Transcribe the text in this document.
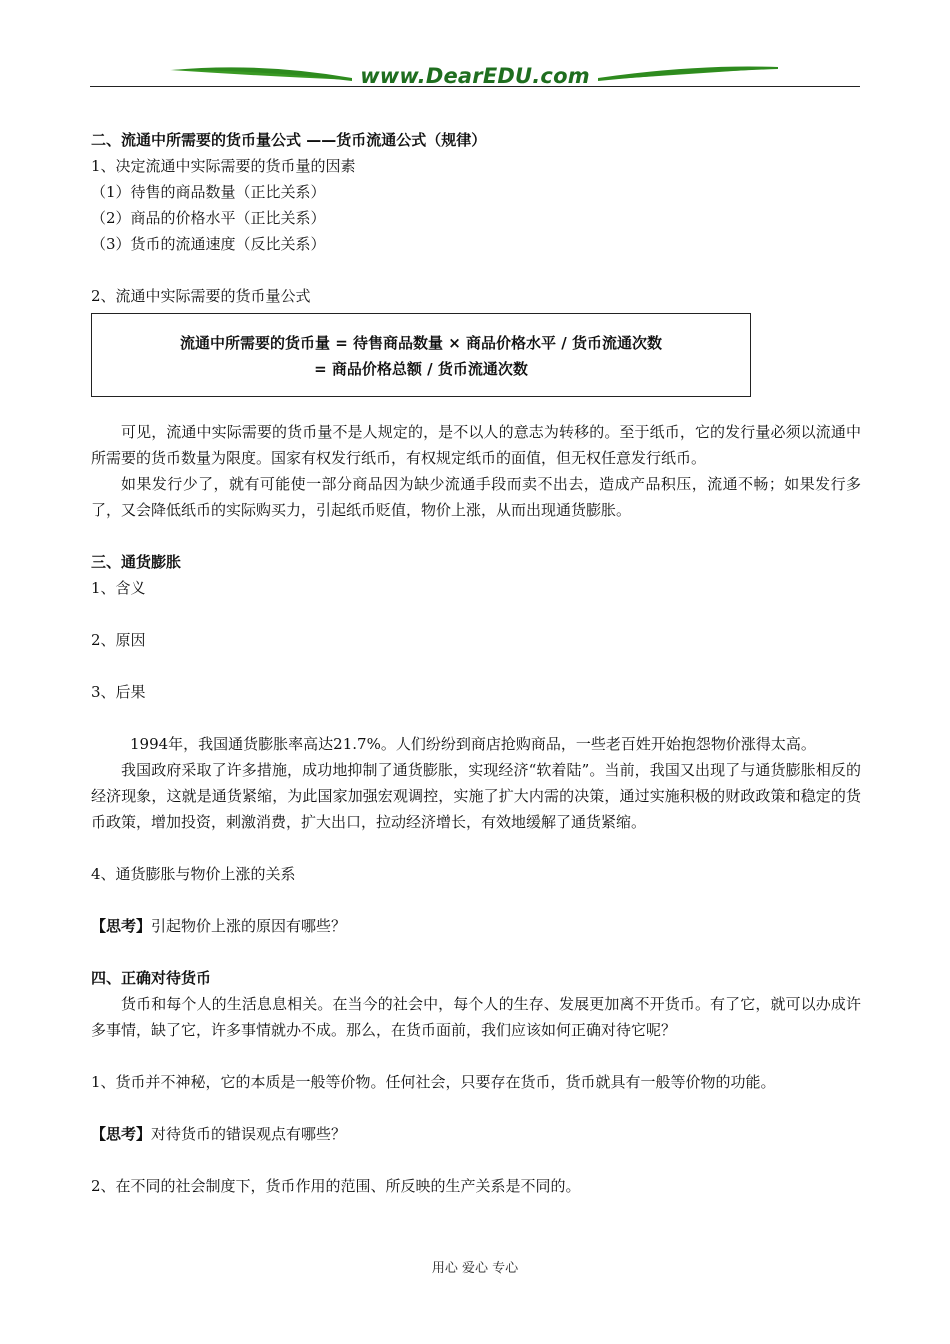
www.DearEDU.com
二、流通中所需要的货币量公式 ——货币流通公式（规律）
1、决定流通中实际需要的货币量的因素
（1）待售的商品数量（正比关系）
（2）商品的价格水平（正比关系）
（3）货币的流通速度（反比关系）
2、流通中实际需要的货币量公式
流通中所需要的货币量 = 待售商品数量 × 商品价格水平 / 货币流通次数
= 商品价格总额 / 货币流通次数

可见，流通中实际需要的货币量不是人规定的，是不以人的意志为转移的。至于纸币，它的发行量必须以流通中所需要的货币数量为限度。国家有权发行纸币，有权规定纸币的面值，但无权任意发行纸币。

如果发行少了，就有可能使一部分商品因为缺少流通手段而卖不出去，造成产品积压，流通不畅；如果发行多了，又会降低纸币的实际购买力，引起纸币贬值，物价上涨，从而出现通货膨胀。

三、通货膨胀
1、含义
2、原因
3、后果

1994年，我国通货膨胀率高达21.7%。人们纷纷到商店抢购商品，一些老百姓开始抱怨物价涨得太高。

我国政府采取了许多措施，成功地抑制了通货膨胀，实现经济“软着陆”。当前，我国又出现了与通货膨胀相反的经济现象，这就是通货紧缩，为此国家加强宏观调控，实施了扩大内需的决策，通过实施积极的财政政策和稳定的货币政策，增加投资，刺激消费，扩大出口，拉动经济增长，有效地缓解了通货紧缩。

4、通货膨胀与物价上涨的关系
【思考】引起物价上涨的原因有哪些？
四、正确对待货币

货币和每个人的生活息息相关。在当今的社会中，每个人的生存、发展更加离不开货币。有了它，就可以办成许多事情，缺了它，许多事情就办不成。那么，在货币面前，我们应该如何正确对待它呢？

1、货币并不神秘，它的本质是一般等价物。任何社会，只要存在货币，货币就具有一般等价物的功能。
【思考】对待货币的错误观点有哪些？
2、在不同的社会制度下，货币作用的范围、所反映的生产关系是不同的。
用心 爱心 专心
